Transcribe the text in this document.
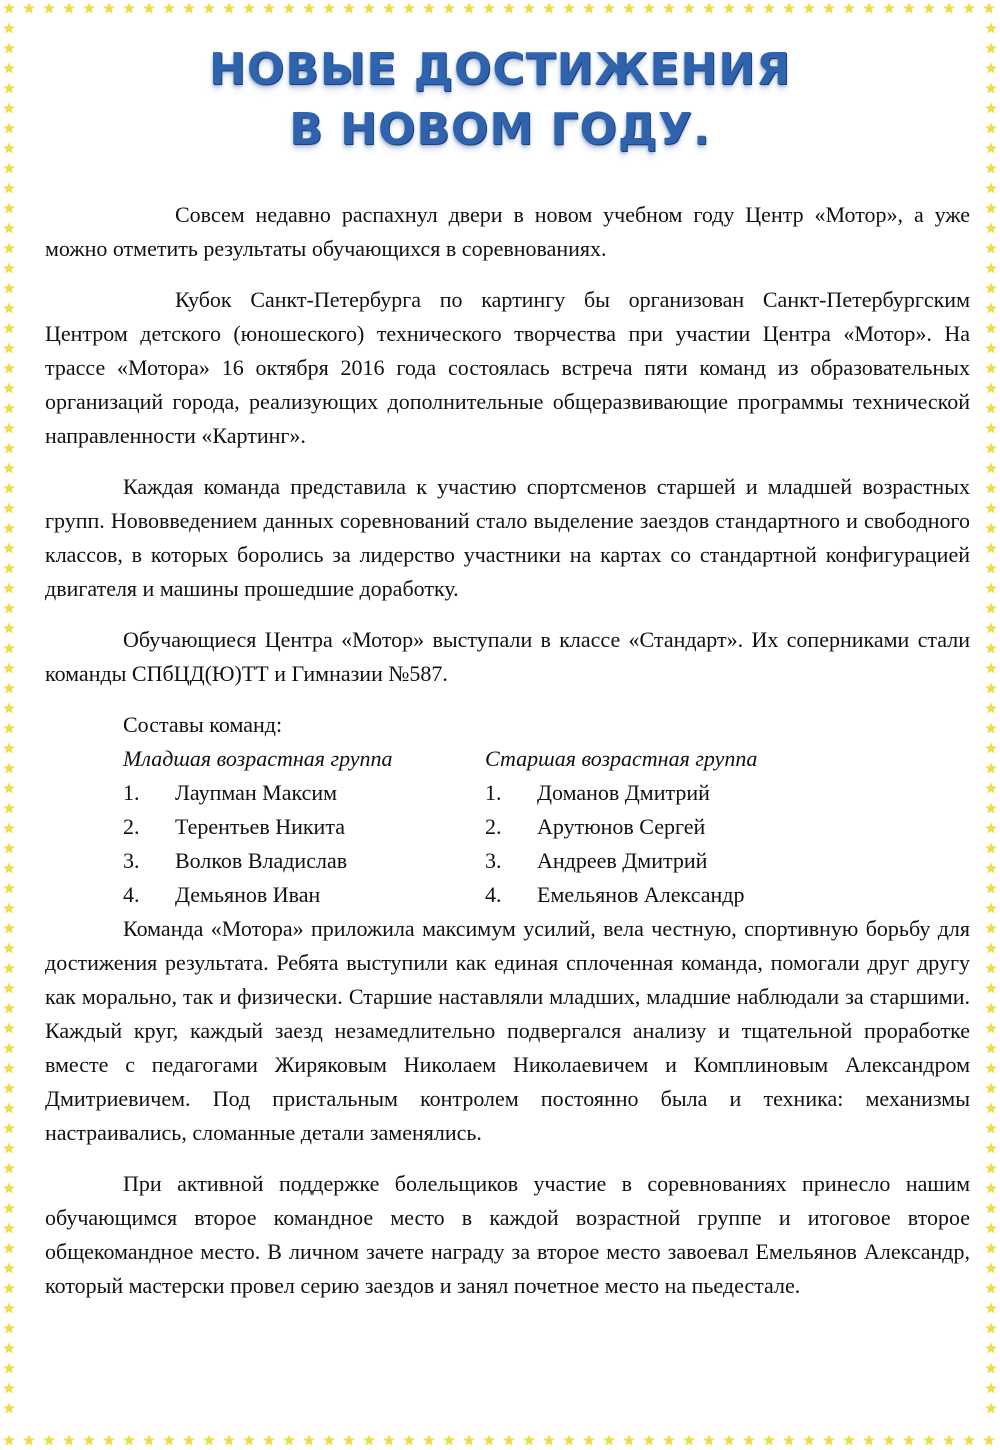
★
★
★
★
★
★
★
★
★
★
★
★
★
★
★
★
★
★
★
★
★
★
★
★
★
★
★
★
★
★
★
★
★
★
★
★
★
★
★
★
★
★
★
★
★
★
★
★
★
★
★
★
★
★
★
★
★
★
★
★
★
★
★
★
★
★
★
★
★
★
★
★
★
★
★
★
★
★
★
★
★
★
★
★
★
★
★
★
★
★
★
★
★
★
★
★
★
★
★
★
★	★
★	★
★	★
★	★
★	★
★	★
★	★
★	★
★	★
★	★
★	★
★	★
★	★
★	★
★	★
★	★
★	★
★	★
★	★
★	★
★	★
★	★
★	★
★	★
★	★
★	★
★	★
★	★
★	★
★	★
★	★
★	★
★	★
★	★
★	★
★	★
★	★
★	★
★	★
★	★
★	★
★	★
★	★
★	★
★	★
★	★
★	★
★	★
★	★
★	★
★	★
★	★
★	★
★	★
★	★
★	★
★	★
★	★
★	★
★	★
★	★
★	★
★	★
★	★
★	★
★	★
★	★
★	★
★	★
★	★
НОВЫЕ ДОСТИЖЕНИЯ
В НОВОМ ГОДУ.

Совсем недавно распахнул двери в новом учебном году Центр «Мотор», а уже можно отметить результаты обучающихся в соревнованиях.

Кубок Санкт-Петербурга по картингу бы организован Санкт-Петербургским Центром детского (юношеского) технического творчества при участии Центра «Мотор». На трассе «Мотора» 16 октября 2016 года состоялась встреча пяти команд из образовательных организаций города, реализующих дополнительные общеразвивающие программы технической направленности «Картинг».

Каждая команда представила к участию спортсменов старшей и младшей возрастных групп. Нововведением данных соревнований стало выделение заездов стандартного и свободного классов, в которых боролись за лидерство участники на картах со стандартной конфигурацией двигателя и машины прошедшие доработку.

Обучающиеся Центра «Мотор» выступали в классе «Стандарт». Их соперниками стали команды СПбЦД(Ю)ТТ и Гимназии №587.

Составы команд:
Младшая возрастная группа
1.	Лаупман Максим
2.	Терентьев Никита
3.	Волков Владислав
4.	Демьянов Иван
Старшая возрастная группа
1.	Доманов Дмитрий
2.	Арутюнов Сергей
3.	Андреев Дмитрий
4.	Емельянов Александр

Команда «Мотора» приложила максимум усилий, вела честную, спортивную борьбу для достижения результата. Ребята выступили как единая сплоченная команда, помогали друг другу как морально, так и физически. Старшие наставляли младших, младшие наблюдали за старшими. Каждый круг, каждый заезд незамедлительно подвергался анализу и тщательной проработке вместе с педагогами Жиряковым Николаем Николаевичем и Комплиновым Александром Дмитриевичем. Под пристальным контролем постоянно была и техника: механизмы настраивались, сломанные детали заменялись.

При активной поддержке болельщиков участие в соревнованиях принесло нашим обучающимся второе командное место в каждой возрастной группе и итоговое второе общекомандное место. В личном зачете награду за второе место завоевал Емельянов Александр, который мастерски провел серию заездов и занял почетное место на пьедестале.
